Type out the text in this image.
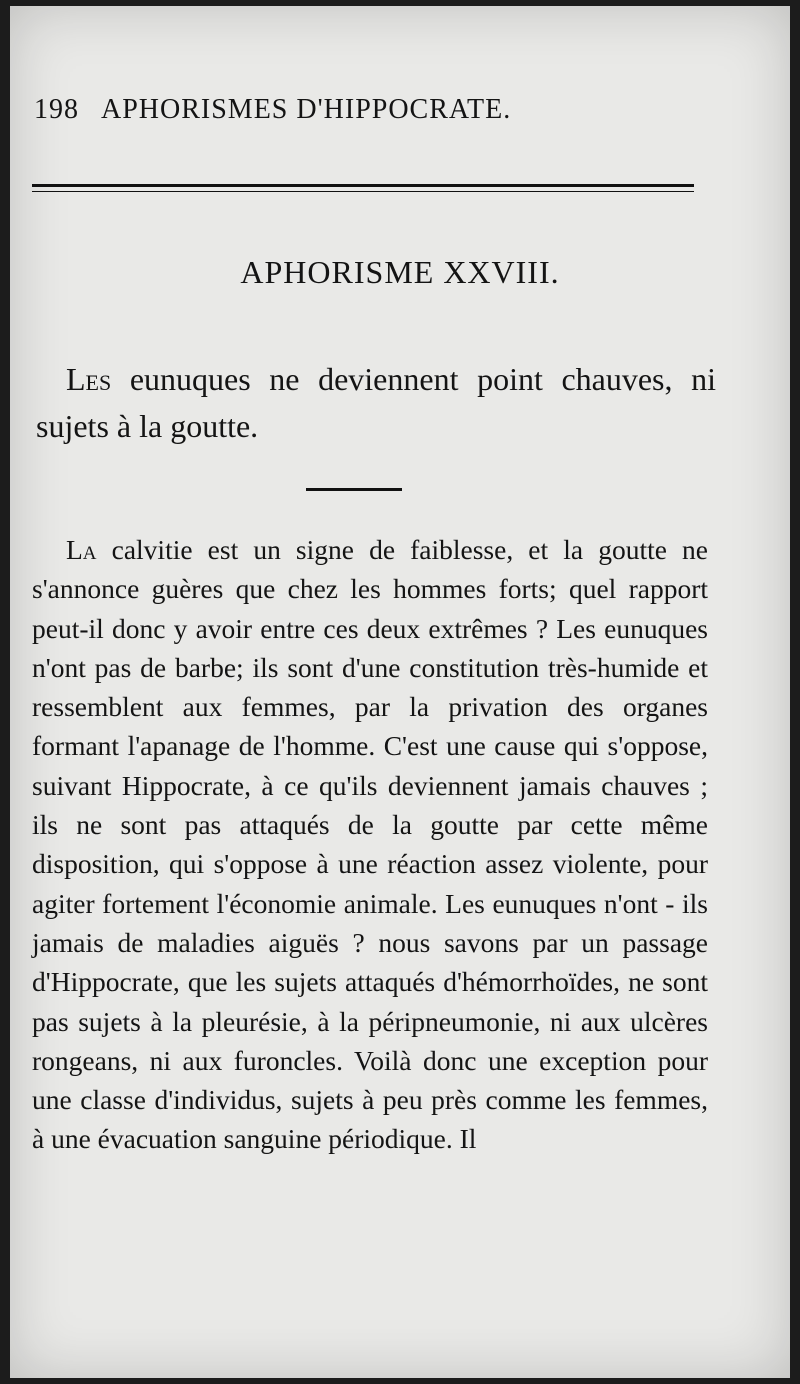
198 APHORISMES D'HIPPOCRATE.
APHORISME XXVIII.

Les eunuques ne deviennent point chauves, ni sujets à la goutte.

La calvitie est un signe de faiblesse, et la goutte ne s'annonce guères que chez les hommes forts; quel rapport peut-il donc y avoir entre ces deux extrêmes ? Les eunuques n'ont pas de barbe; ils sont d'une constitution très-humide et ressemblent aux femmes, par la privation des organes formant l'apanage de l'homme. C'est une cause qui s'oppose, suivant Hippocrate, à ce qu'ils deviennent jamais chauves ; ils ne sont pas attaqués de la goutte par cette même disposition, qui s'oppose à une réaction assez violente, pour agiter fortement l'économie animale. Les eunuques n'ont - ils jamais de maladies aiguës ? nous savons par un passage d'Hippocrate, que les sujets attaqués d'hémorrhoïdes, ne sont pas sujets à la pleurésie, à la péripneumonie, ni aux ulcères rongeans, ni aux furoncles. Voilà donc une exception pour une classe d'individus, sujets à peu près comme les femmes, à une évacuation sanguine périodique. Il
